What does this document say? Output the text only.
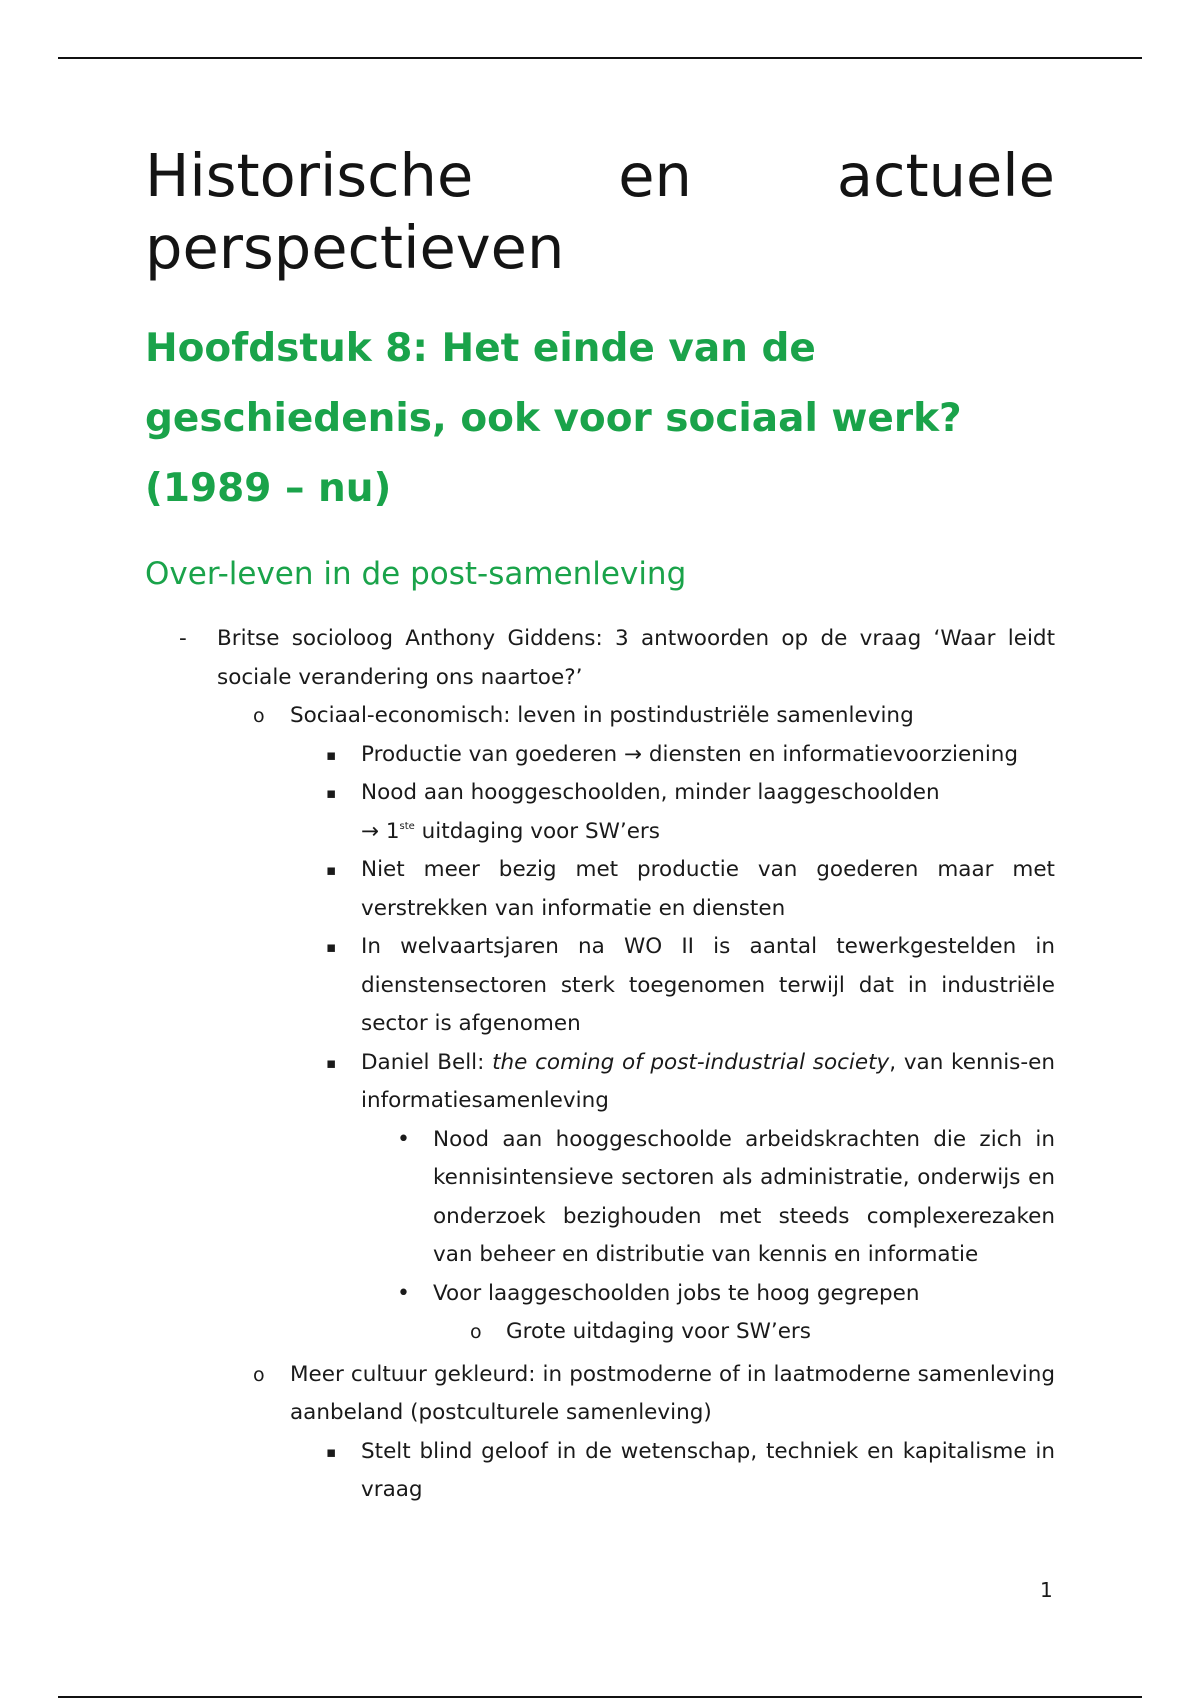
Historische en actuele
perspectieven
Hoofdstuk 8: Het einde van de
geschiedenis, ook voor sociaal werk?
(1989 – nu)
Over-leven in de post-samenleving
- Britse socioloog Anthony Giddens: 3 antwoorden op de vraag ‘Waar leidt sociale verandering ons naartoe?’
o Sociaal-economisch: leven in postindustriële samenleving
▪ Productie van goederen → diensten en informatievoorziening
▪ Nood aan hooggeschoolden, minder laaggeschoolden
→ 1ste uitdaging voor SW’ers
▪ Niet meer bezig met productie van goederen maar met verstrekken van informatie en diensten
▪ In welvaartsjaren na WO II is aantal tewerkgestelden in dienstensectoren sterk toegenomen terwijl dat in industriële sector is afgenomen
▪ Daniel Bell: the coming of post-industrial society, van kennis-en informatiesamenleving
• Nood aan hooggeschoolde arbeidskrachten die zich in kennisintensieve sectoren als administratie, onderwijs en onderzoek bezighouden met steeds complexerezaken van beheer en distributie van kennis en informatie
• Voor laaggeschoolden jobs te hoog gegrepen
o Grote uitdaging voor SW’ers
o Meer cultuur gekleurd: in postmoderne of in laatmoderne samenleving aanbeland (postculturele samenleving)
▪ Stelt blind geloof in de wetenschap, techniek en kapitalisme in vraag
1
